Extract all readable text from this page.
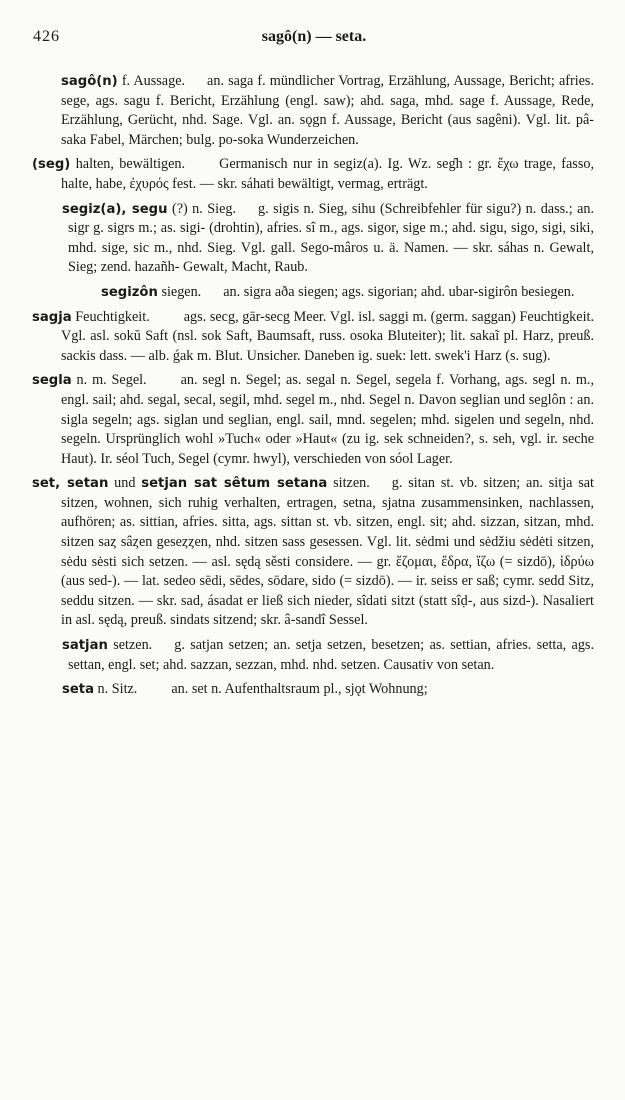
426	sagô(n) — seta.

sagô(n) f. Aussage. an. saga f. mündlicher Vortrag, Erzählung, Aussage, Bericht; afries. sege, ags. sagu f. Bericht, Erzählung (engl. saw); ahd. saga, mhd. sage f. Aussage, Rede, Erzählung, Gerücht, nhd. Sage. Vgl. an. sǫgn f. Aussage, Bericht (aus sagêni). Vgl. lit. pâ-saka Fabel, Märchen; bulg. po-soka Wunderzeichen.

(seg) halten, bewältigen. Germanisch nur in segiz(a). Ig. Wz. seg̑h : gr. ἔχω trage, fasso, halte, habe, ἐχυρός fest. — skr. sáhati bewältigt, vermag, erträgt.

segiz(a), segu (?) n. Sieg. g. sigis n. Sieg, sihu (Schreibfehler für sigu?) n. dass.; an. sigr g. sigrs m.; as. sigi- (drohtin), afries. sî m., ags. sigor, sige m.; ahd. sigu, sigo, sigi, siki, mhd. sige, sic m., nhd. Sieg. Vgl. gall. Sego-mâros u. ä. Namen. — skr. sáhas n. Gewalt, Sieg; zend. hazañh- Gewalt, Macht, Raub.

segizôn siegen. an. sigra aða siegen; ags. sigorian; ahd. ubar-sigirôn besiegen.

sagja Feuchtigkeit. ags. secg, gār-secg Meer. Vgl. isl. saggi m. (germ. saggan) Feuchtigkeit. Vgl. asl. sokŭ Saft (nsl. sok Saft, Baumsaft, russ. osoka Bluteiter); lit. sakaĩ pl. Harz, preuß. sackis dass. — alb. ǵak m. Blut. Unsicher. Daneben ig. suek: lett. swek'i Harz (s. sug).

segla n. m. Segel. an. segl n. Segel; as. segal n. Segel, segela f. Vorhang, ags. segl n. m., engl. sail; ahd. segal, secal, segil, mhd. segel m., nhd. Segel n. Davon seglian und seglôn : an. sigla segeln; ags. siglan und seglian, engl. sail, mnd. segelen; mhd. sigelen und segeln, nhd. segeln. Ursprünglich wohl »Tuch« oder »Haut« (zu ig. sek schneiden?, s. seh, vgl. ir. seche Haut). Ir. séol Tuch, Segel (cymr. hwyl), verschieden von sóol Lager.

set, setan und setjan sat sêtum setana sitzen. g. sitan st. vb. sitzen; an. sitja sat sitzen, wohnen, sich ruhig verhalten, ertragen, setna, sjatna zusammensinken, nachlassen, aufhören; as. sittian, afries. sitta, ags. sittan st. vb. sitzen, engl. sit; ahd. sizzan, sitzan, mhd. sitzen saȥ sâȥen geseȥȥen, nhd. sitzen sass gesessen. Vgl. lit. sėdmi und sėdžiu sėdėti sitzen, sėdu sėsti sich setzen. — asl. sędą sěsti considere. — gr. ἕζομαι, ἕδρα, ἵζω (= sizdō), ἱδρύω (aus sed-). — lat. sedeo sēdi, sēdes, sōdare, sido (= sizdō). — ir. seiss er saß; cymr. sedd Sitz, seddu sitzen. — skr. sad, ásadat er ließ sich nieder, sîdati sitzt (statt sîḍ-, aus sizd-). Nasaliert in asl. sędą, preuß. sindats sitzend; skr. â-sandî Sessel.

satjan setzen. g. satjan setzen; an. setja setzen, besetzen; as. settian, afries. setta, ags. settan, engl. set; ahd. sazzan, sezzan, mhd. nhd. setzen. Causativ von setan.

seta n. Sitz. an. set n. Aufenthaltsraum pl., sjǫt Wohnung;
